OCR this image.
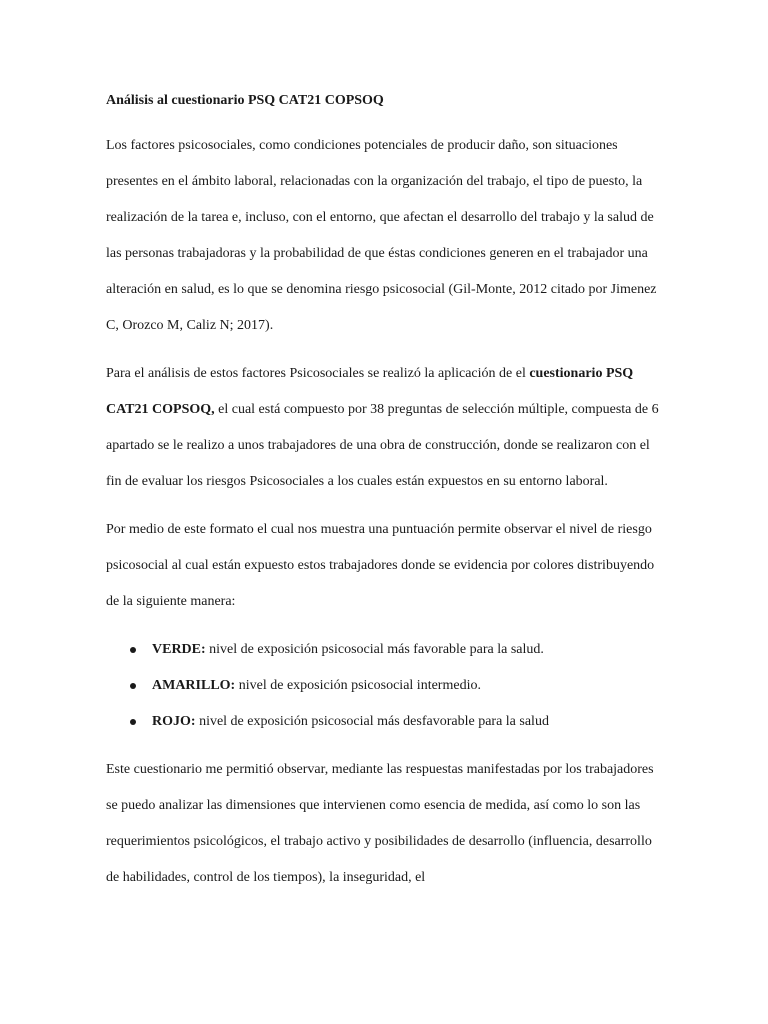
Análisis al cuestionario PSQ CAT21 COPSOQ

Los factores psicosociales, como condiciones potenciales de producir daño, son situaciones presentes en el ámbito laboral, relacionadas con la organización del trabajo, el tipo de puesto, la realización de la tarea e, incluso, con el entorno, que afectan el desarrollo del trabajo y la salud de las personas trabajadoras y la probabilidad de que éstas condiciones generen en el trabajador una alteración en salud, es lo que se denomina riesgo psicosocial (Gil-Monte, 2012 citado por Jimenez C, Orozco M, Caliz N; 2017).

Para el análisis de estos factores Psicosociales se realizó la aplicación de el cuestionario PSQ CAT21 COPSOQ, el cual está compuesto por 38 preguntas de selección múltiple, compuesta de 6 apartado se le realizo a unos trabajadores de una obra de construcción, donde se realizaron con el fin de evaluar los riesgos Psicosociales a los cuales están expuestos en su entorno laboral.

Por medio de este formato el cual nos muestra una puntuación permite observar el nivel de riesgo psicosocial al cual están expuesto estos trabajadores donde se evidencia por colores distribuyendo de la siguiente manera:

VERDE: nivel de exposición psicosocial más favorable para la salud.
AMARILLO: nivel de exposición psicosocial intermedio.
ROJO: nivel de exposición psicosocial más desfavorable para la salud

Este cuestionario me permitió observar, mediante las respuestas manifestadas por los trabajadores se puedo analizar las dimensiones que intervienen como esencia de medida, así como lo son las requerimientos psicológicos, el trabajo activo y posibilidades de desarrollo (influencia, desarrollo de habilidades, control de los tiempos), la inseguridad, el
